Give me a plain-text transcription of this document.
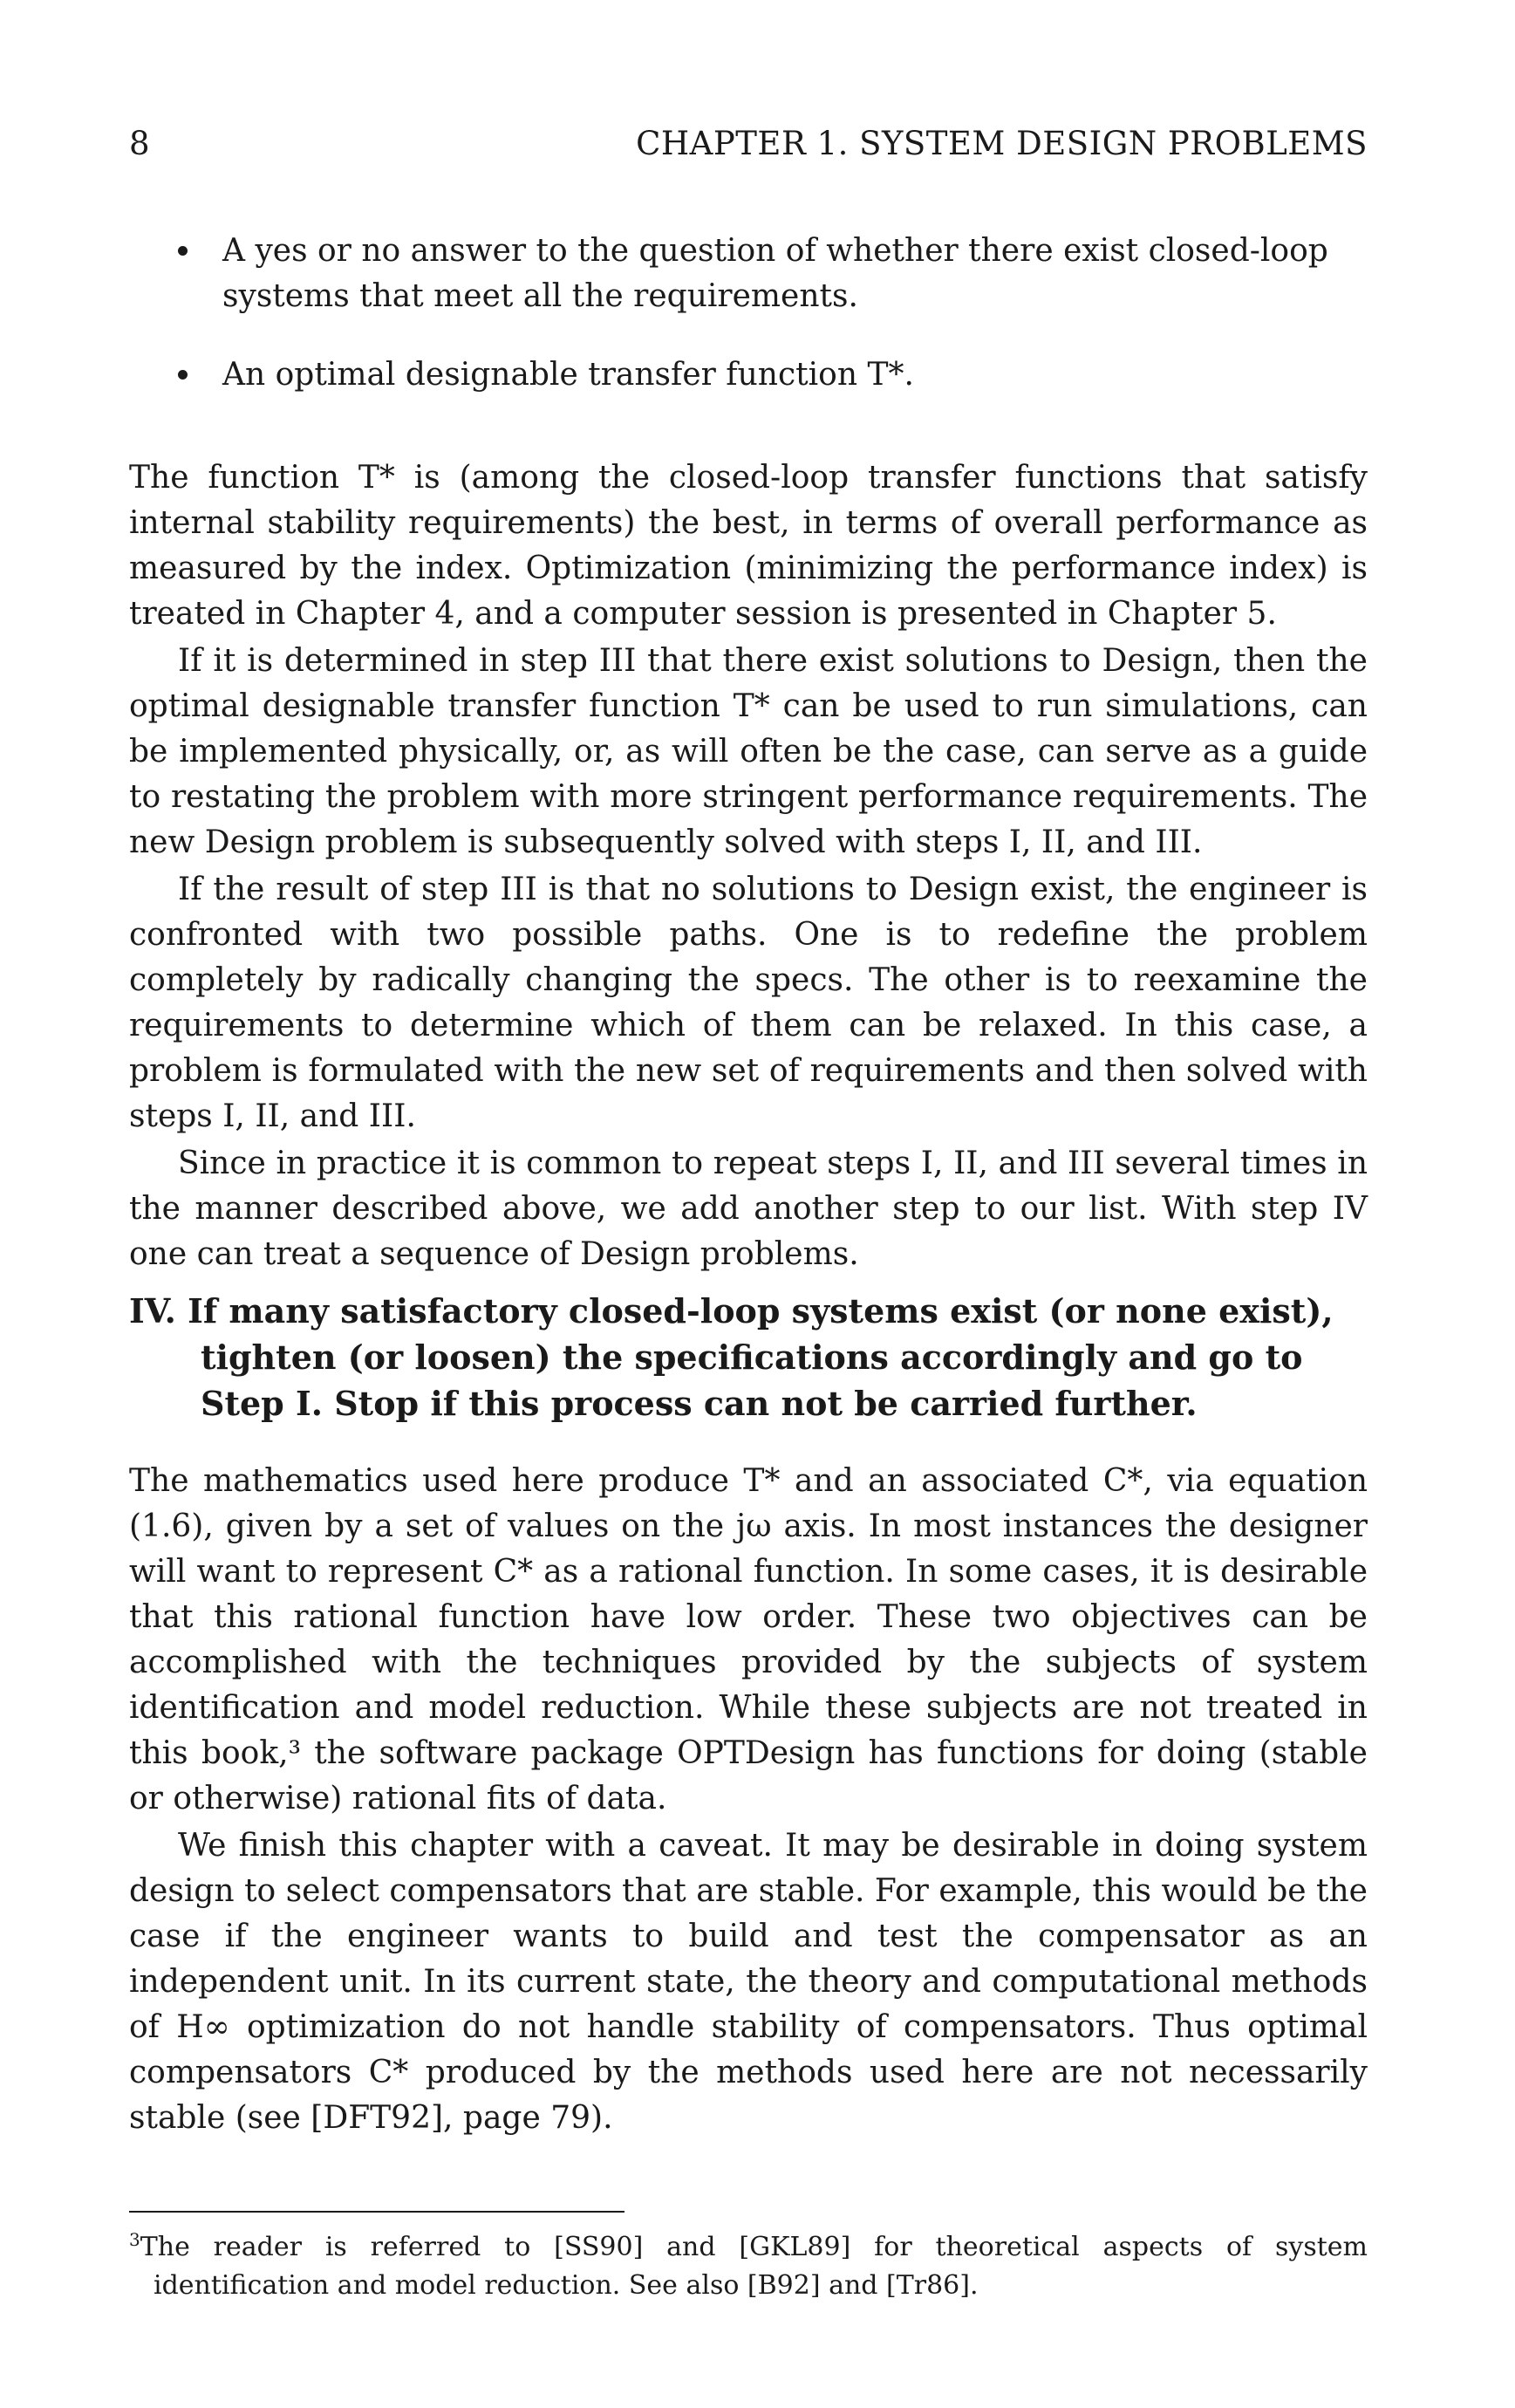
8	CHAPTER 1. SYSTEM DESIGN PROBLEMS
A yes or no answer to the question of whether there exist closed-loop systems that meet all the requirements.
An optimal designable transfer function T*.

The function T* is (among the closed-loop transfer functions that satisfy internal stability requirements) the best, in terms of overall performance as measured by the index. Optimization (minimizing the performance index) is treated in Chapter 4, and a computer session is presented in Chapter 5.

If it is determined in step III that there exist solutions to Design, then the optimal designable transfer function T* can be used to run simulations, can be implemented physically, or, as will often be the case, can serve as a guide to restating the problem with more stringent performance requirements. The new Design problem is subsequently solved with steps I, II, and III.

If the result of step III is that no solutions to Design exist, the engineer is confronted with two possible paths. One is to redefine the problem completely by radically changing the specs. The other is to reexamine the requirements to determine which of them can be relaxed. In this case, a problem is formulated with the new set of requirements and then solved with steps I, II, and III.

Since in practice it is common to repeat steps I, II, and III several times in the manner described above, we add another step to our list. With step IV one can treat a sequence of Design problems.

IV. If many satisfactory closed-loop systems exist (or none exist), tighten (or loosen) the specifications accordingly and go to Step I. Stop if this process can not be carried further.

The mathematics used here produce T* and an associated C*, via equation (1.6), given by a set of values on the jω axis. In most instances the designer will want to represent C* as a rational function. In some cases, it is desirable that this rational function have low order. These two objectives can be accomplished with the techniques provided by the subjects of system identification and model reduction. While these subjects are not treated in this book,³ the software package OPTDesign has functions for doing (stable or otherwise) rational fits of data.

We finish this chapter with a caveat. It may be desirable in doing system design to select compensators that are stable. For example, this would be the case if the engineer wants to build and test the compensator as an independent unit. In its current state, the theory and computational methods of H∞ optimization do not handle stability of compensators. Thus optimal compensators C* produced by the methods used here are not necessarily stable (see [DFT92], page 79).

$^3$The reader is referred to [SS90] and [GKL89] for theoretical aspects of system identification and model reduction. See also [B92] and [Tr86].
